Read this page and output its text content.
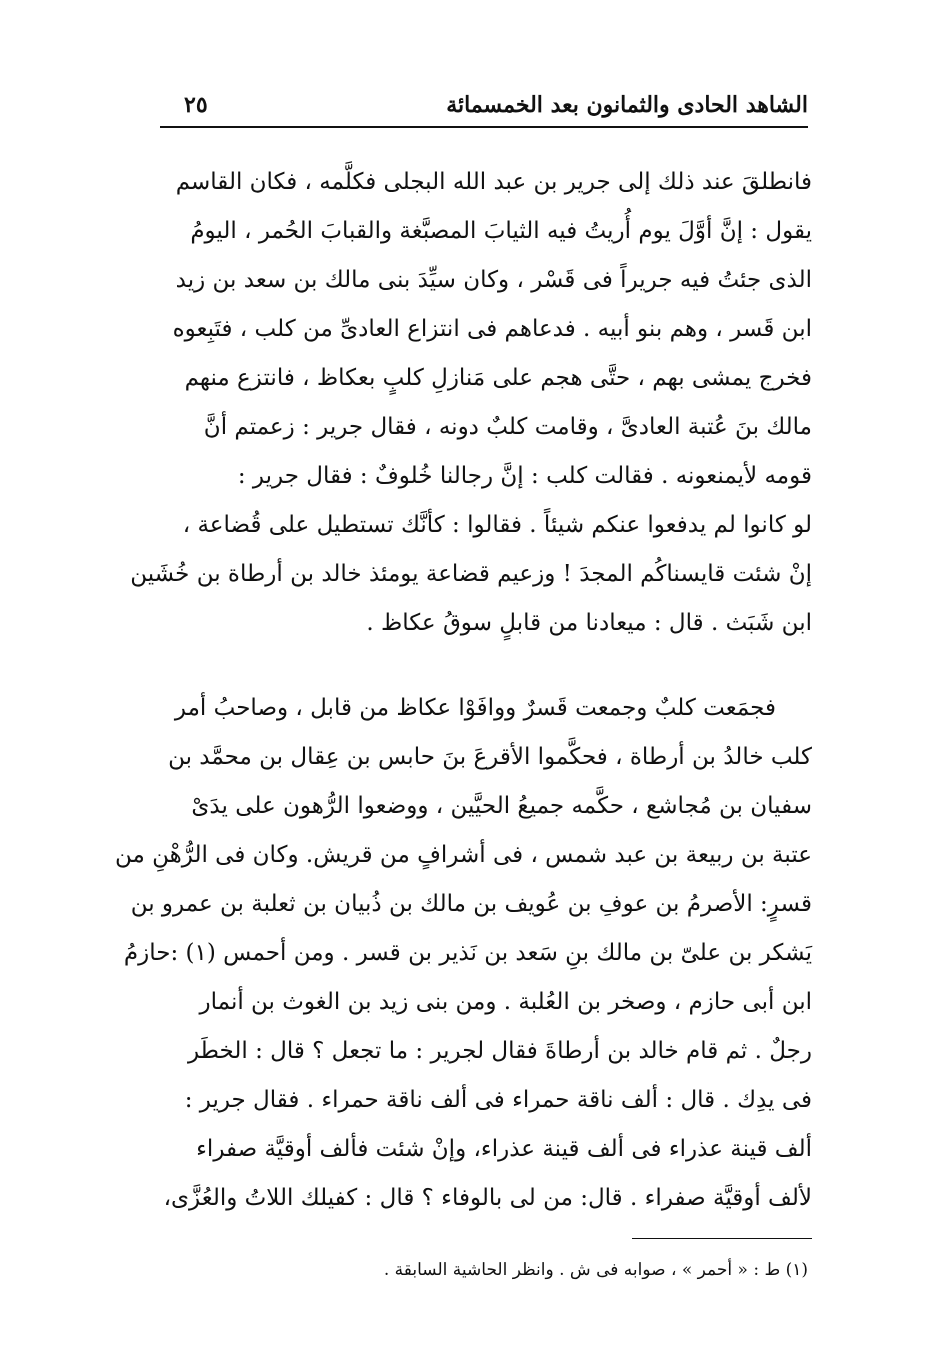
الشاهد الحادى والثمانون بعد الخمسمائة
٢٥
فانطلقَ عند ذلك إلى جرير بن عبد الله البجلى فكلَّمه ، فكان القاسم
يقول : إنَّ أوَّلَ يوم أُريتُ فيه الثيابَ المصبَّغة والقبابَ الحُمر ، اليومُ
الذى جئتُ فيه جريراً فى قَسْر ، وكان سيِّدَ بنى مالك بن سعد بن زيد
ابن قَسر ، وهم بنو أبيه . فدعاهم فى انتزاع العادىِّ من كلب ، فتَبِعوه
فخرج يمشى بهم ، حتَّى هجم على مَنازلِ كلبٍ بعكاظ ، فانتزع منهم
مالك بنَ عُتبة العادىَّ ، وقامت كلبٌ دونه ، فقال جرير : زعمتم أنَّ
قومه لأيمنعونه . فقالت كلب : إنَّ رجالنا خُلوفٌ : فقال جرير :
لو كانوا لم يدفعوا عنكم شيئاً . فقالوا : كأنَّك تستطيل على قُضاعة ،
إنْ شئت قايسناكُم المجدَ ! وزعيم قضاعة يومئذ خالد بن أرطاة بن خُشَين
ابن شَبَث . قال : ميعادنا من قابلٍ سوقُ عكاظ .
فجمَعت كلبٌ وجمعت قَسرٌ ووافَوْا عكاظ من قابل ، وصاحبُ أمر
كلب خالدُ بن أرطاة ، فحكَّموا الأقرعَ بنَ حابس بن عِقال بن محمَّد بن
سفيان بن مُجاشع ، حكَّمه جميعُ الحيَّين ، ووضعوا الرُّهون على يدَىْ
عتبة بن ربيعة بن عبد شمس ، فى أشرافٍ من قريش. وكان فى الرُّهْنِ من
قسرٍ: الأصرمُ بن عوفِ بن عُويف بن مالك بن ذُبيان بن ثعلبة بن عمرو بن
يَشكر بن علىّ بن مالك بنِ سَعد بن نَذير بن قسر . ومن أحمس (١) :حازمُ
ابن أبى حازم ، وصخر بن العُلبة . ومن بنى زيد بن الغوث بن أنمار
رجلٌ . ثم قام خالد بن أرطاةَ فقال لجرير : ما تجعل ؟ قال : الخطَر
فى يدِك . قال : ألف ناقة حمراء فى ألف ناقة حمراء . فقال جرير :
ألف قينة عذراء فى ألف قينة عذراء، وإنْ شئت فألف أوقيَّة صفراء
لألف أوقيَّة صفراء . قال: من لى بالوفاء ؟ قال : كفيلك اللاتُ والعُزَّى،
(١) ط : « أحمر » ، صوابه فى ش . وانظر الحاشية السابقة .
